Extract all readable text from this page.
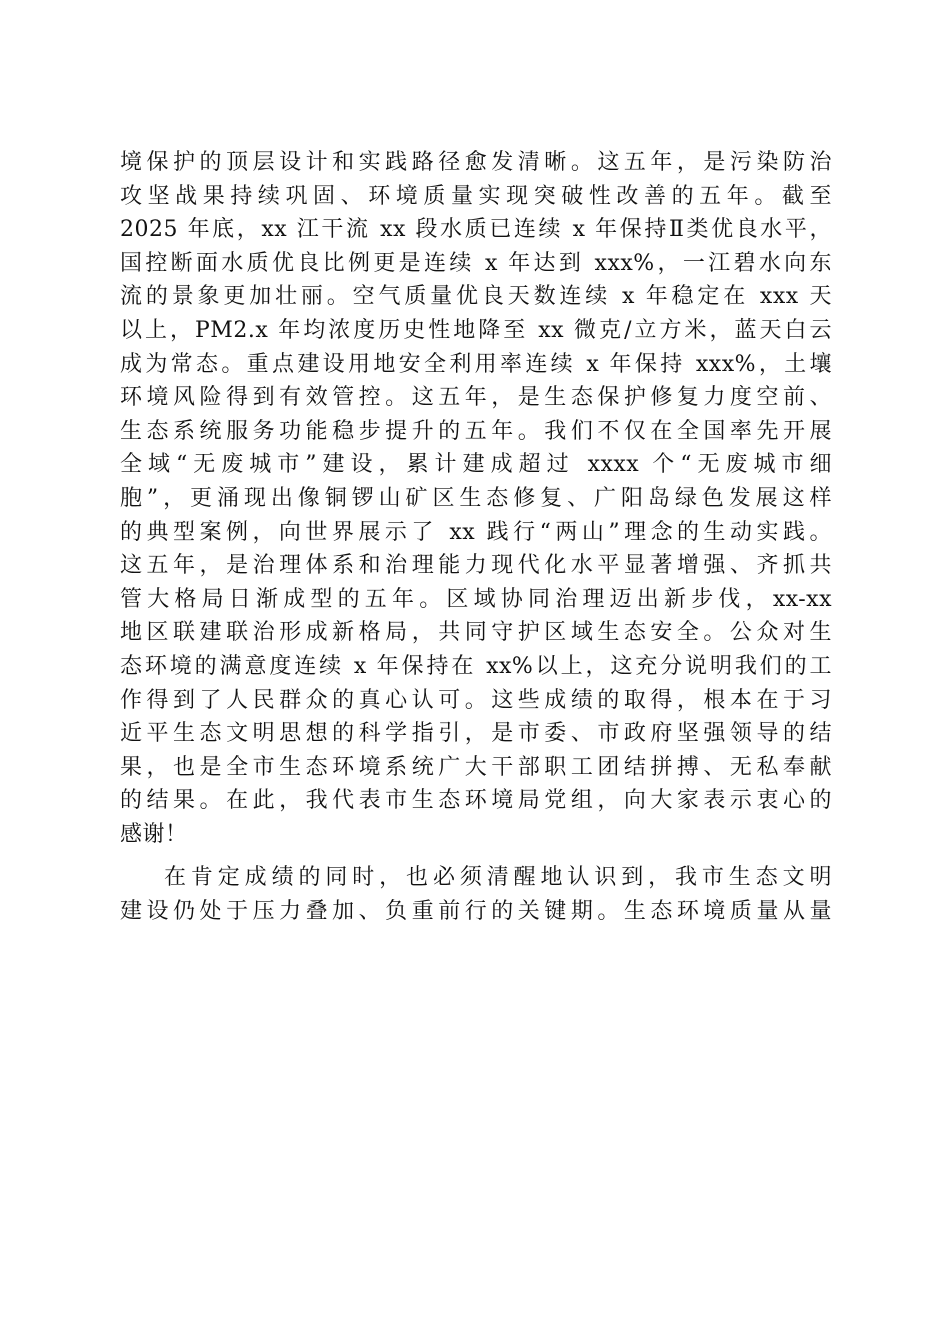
境保护的顶层设计和实践路径愈发清晰。这五年，是污染防治
攻坚战果持续巩固、环境质量实现突破性改善的五年。截至
2025 年底，xx 江干流 xx 段水质已连续 x 年保持Ⅱ类优良水平，
国控断面水质优良比例更是连续 x 年达到 xxx%，一江碧水向东
流的景象更加壮丽。空气质量优良天数连续 x 年稳定在 xxx 天
以上，PM2.x 年均浓度历史性地降至 xx 微克/立方米，蓝天白云
成为常态。重点建设用地安全利用率连续 x 年保持 xxx%，土壤
环境风险得到有效管控。这五年，是生态保护修复力度空前、
生态系统服务功能稳步提升的五年。我们不仅在全国率先开展
全域“无废城市”建设，累计建成超过 xxxx 个“无废城市细
胞”，更涌现出像铜锣山矿区生态修复、广阳岛绿色发展这样
的典型案例，向世界展示了 xx 践行“两山”理念的生动实践。
这五年，是治理体系和治理能力现代化水平显著增强、齐抓共
管大格局日渐成型的五年。区域协同治理迈出新步伐，xx-xx
地区联建联治形成新格局，共同守护区域生态安全。公众对生
态环境的满意度连续 x 年保持在 xx%以上，这充分说明我们的工
作得到了人民群众的真心认可。这些成绩的取得，根本在于习
近平生态文明思想的科学指引，是市委、市政府坚强领导的结
果，也是全市生态环境系统广大干部职工团结拼搏、无私奉献
的结果。在此，我代表市生态环境局党组，向大家表示衷心的
感谢！
在肯定成绩的同时，也必须清醒地认识到，我市生态文明
建设仍处于压力叠加、负重前行的关键期。生态环境质量从量
